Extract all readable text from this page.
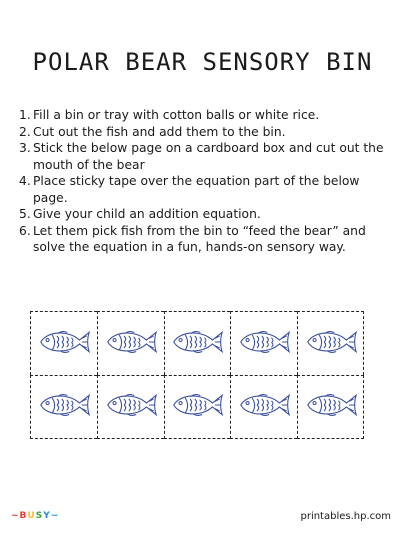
POLAR BEAR SENSORY BIN
1. Fill a bin or tray with cotton balls or white rice.
2. Cut out the fish and add them to the bin.
3. Stick the below page on a cardboard box and cut out the mouth of the bear
4. Place sticky tape over the equation part of the below page.
5. Give your child an addition equation.
6. Let them pick fish from the bin to “feed the bear” and solve the equation in a fun, hands-on sensory way.
~ B U S Y ~	printables.hp.com
